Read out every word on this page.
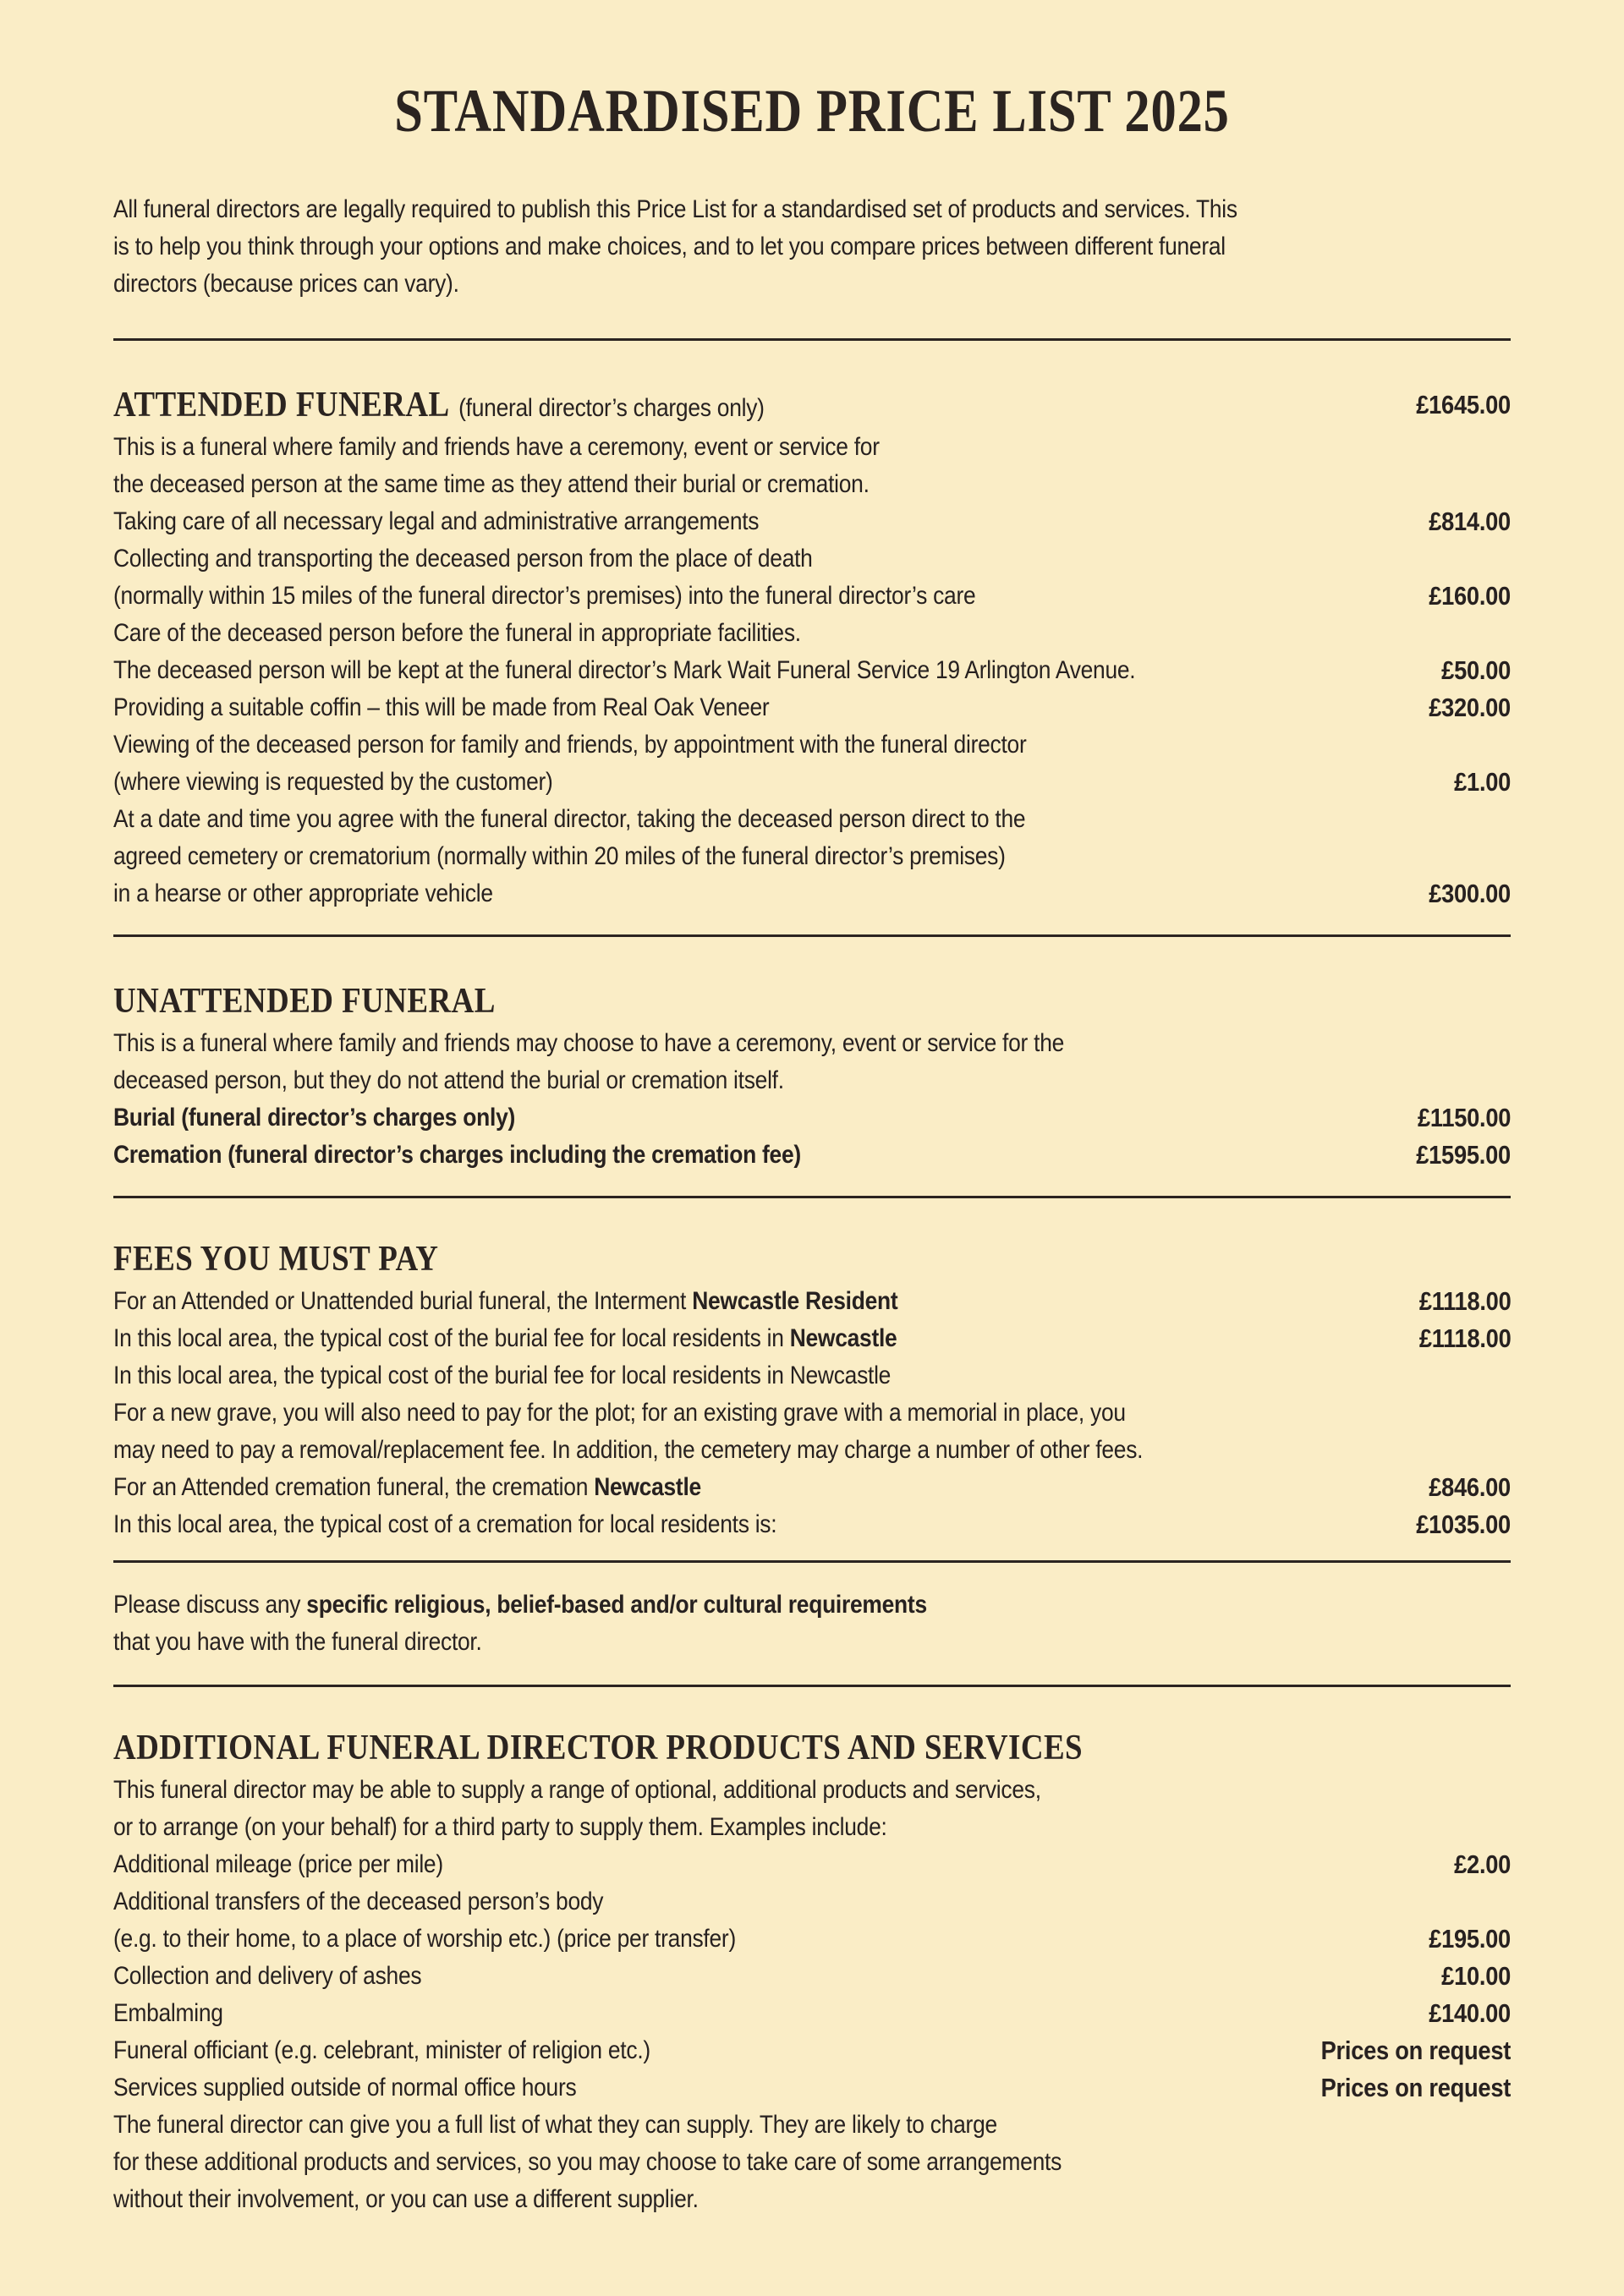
STANDARDISED PRICE LIST 2025
All funeral directors are legally required to publish this Price List for a standardised set of products and services. This
is to help you think through your options and make choices, and to let you compare prices between different funeral
directors (because prices can vary).
ATTENDED FUNERAL (funeral director’s charges only)	£1645.00
This is a funeral where family and friends have a ceremony, event or service for
the deceased person at the same time as they attend their burial or cremation.
Taking care of all necessary legal and administrative arrangements	£814.00
Collecting and transporting the deceased person from the place of death
(normally within 15 miles of the funeral director’s premises) into the funeral director’s care	£160.00
Care of the deceased person before the funeral in appropriate facilities.
The deceased person will be kept at the funeral director’s Mark Wait Funeral Service 19 Arlington Avenue.	£50.00
Providing a suitable coffin – this will be made from Real Oak Veneer	£320.00
Viewing of the deceased person for family and friends, by appointment with the funeral director
(where viewing is requested by the customer)	£1.00
At a date and time you agree with the funeral director, taking the deceased person direct to the
agreed cemetery or crematorium (normally within 20 miles of the funeral director’s premises)
in a hearse or other appropriate vehicle	£300.00
UNATTENDED FUNERAL
This is a funeral where family and friends may choose to have a ceremony, event or service for the
deceased person, but they do not attend the burial or cremation itself.
Burial (funeral director’s charges only)	£1150.00
Cremation (funeral director’s charges including the cremation fee)	£1595.00
FEES YOU MUST PAY
For an Attended or Unattended burial funeral, the Interment Newcastle Resident	£1118.00
In this local area, the typical cost of the burial fee for local residents in Newcastle	£1118.00
In this local area, the typical cost of the burial fee for local residents in Newcastle
For a new grave, you will also need to pay for the plot; for an existing grave with a memorial in place, you
may need to pay a removal/replacement fee. In addition, the cemetery may charge a number of other fees.
For an Attended cremation funeral, the cremation Newcastle	£846.00
In this local area, the typical cost of a cremation for local residents is:	£1035.00
Please discuss any specific religious, belief-based and/or cultural requirements
that you have with the funeral director.
ADDITIONAL FUNERAL DIRECTOR PRODUCTS AND SERVICES
This funeral director may be able to supply a range of optional, additional products and services,
or to arrange (on your behalf) for a third party to supply them. Examples include:
Additional mileage (price per mile)	£2.00
Additional transfers of the deceased person’s body
(e.g. to their home, to a place of worship etc.) (price per transfer)	£195.00
Collection and delivery of ashes	£10.00
Embalming	£140.00
Funeral officiant (e.g. celebrant, minister of religion etc.)	Prices on request
Services supplied outside of normal office hours	Prices on request
The funeral director can give you a full list of what they can supply. They are likely to charge
for these additional products and services, so you may choose to take care of some arrangements
without their involvement, or you can use a different supplier.
